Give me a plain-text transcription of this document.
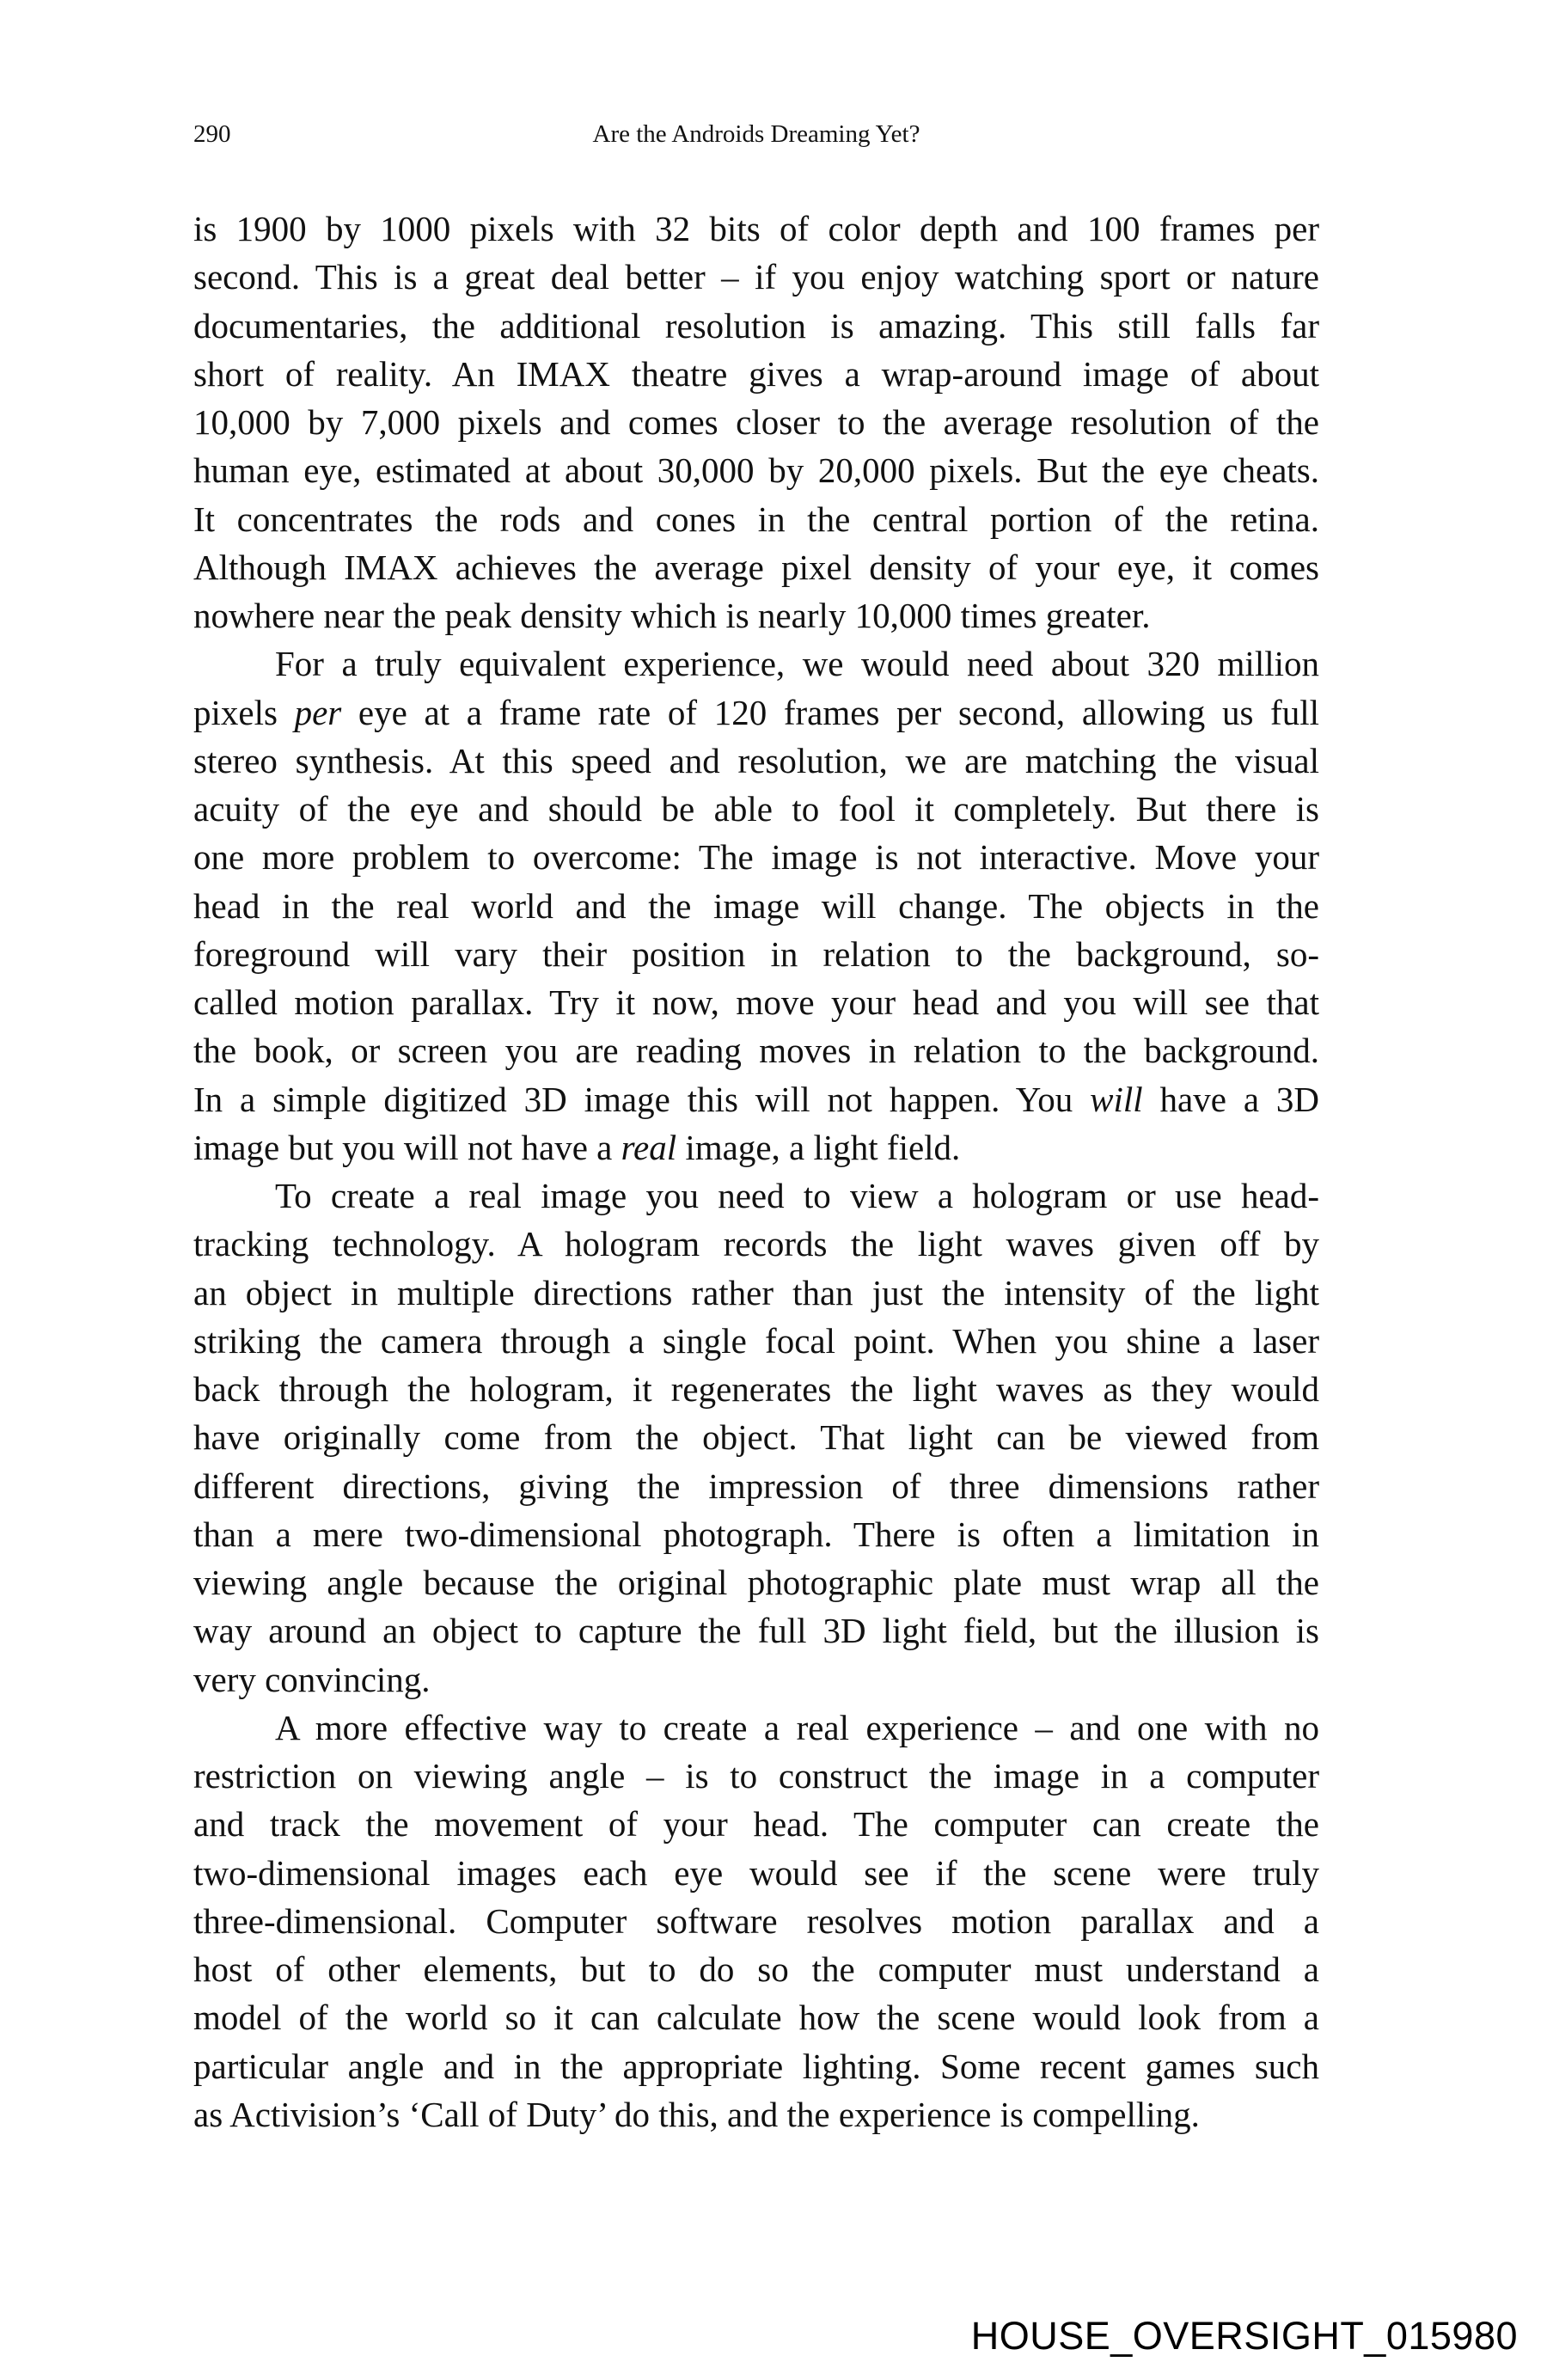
290	Are the Androids Dreaming Yet?
is 1900 by 1000 pixels with 32 bits of color depth and 100 frames per
second. This is a great deal better – if you enjoy watching sport or nature
documentaries, the additional resolution is amazing. This still falls far
short of reality. An IMAX theatre gives a wrap-around image of about
10,000 by 7,000 pixels and comes closer to the average resolution of the
human eye, estimated at about 30,000 by 20,000 pixels. But the eye cheats.
It concentrates the rods and cones in the central portion of the retina.
Although IMAX achieves the average pixel density of your eye, it comes
nowhere near the peak density which is nearly 10,000 times greater.
For a truly equivalent experience, we would need about 320 million
pixels per eye at a frame rate of 120 frames per second, allowing us full
stereo synthesis. At this speed and resolution, we are matching the visual
acuity of the eye and should be able to fool it completely. But there is
one more problem to overcome: The image is not interactive. Move your
head in the real world and the image will change. The objects in the
foreground will vary their position in relation to the background, so-
called motion parallax. Try it now, move your head and you will see that
the book, or screen you are reading moves in relation to the background.
In a simple digitized 3D image this will not happen. You will have a 3D
image but you will not have a real image, a light field.
To create a real image you need to view a hologram or use head-
tracking technology. A hologram records the light waves given off by
an object in multiple directions rather than just the intensity of the light
striking the camera through a single focal point. When you shine a laser
back through the hologram, it regenerates the light waves as they would
have originally come from the object. That light can be viewed from
different directions, giving the impression of three dimensions rather
than a mere two-dimensional photograph. There is often a limitation in
viewing angle because the original photographic plate must wrap all the
way around an object to capture the full 3D light field, but the illusion is
very convincing.
A more effective way to create a real experience – and one with no
restriction on viewing angle – is to construct the image in a computer
and track the movement of your head. The computer can create the
two-dimensional images each eye would see if the scene were truly
three-dimensional. Computer software resolves motion parallax and a
host of other elements, but to do so the computer must understand a
model of the world so it can calculate how the scene would look from a
particular angle and in the appropriate lighting. Some recent games such
as Activision’s ‘Call of Duty’ do this, and the experience is compelling.
HOUSE_OVERSIGHT_015980
